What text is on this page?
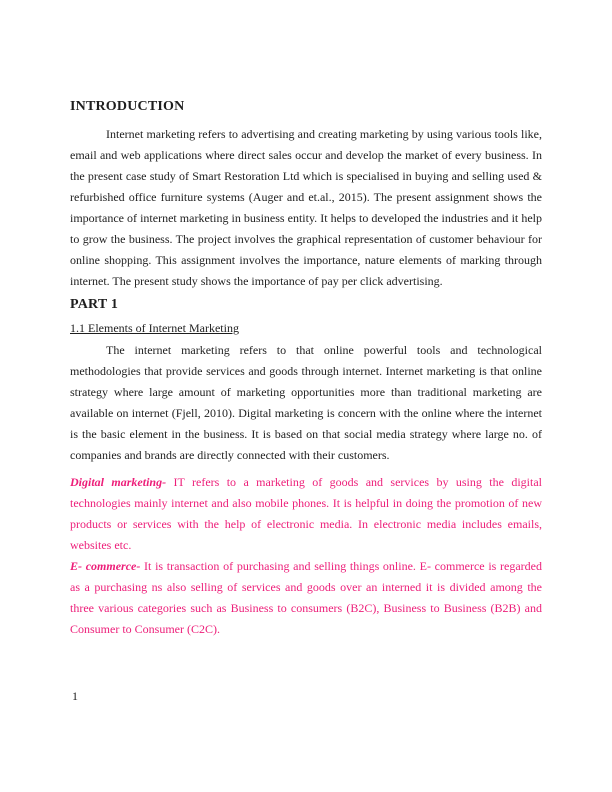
INTRODUCTION

Internet marketing refers to advertising and creating marketing by using various tools like, email and web applications where direct sales occur and develop the market of every business. In the present case study of Smart Restoration Ltd which is specialised in buying and selling used & refurbished office furniture systems (Auger and et.al., 2015). The present assignment shows the importance of internet marketing in business entity. It helps to developed the industries and it help to grow the business. The project involves the graphical representation of customer behaviour for online shopping. This assignment involves the importance, nature elements of marking through internet. The present study shows the importance of pay per click advertising.

PART 1
1.1 Elements of Internet Marketing

The internet marketing refers to that online powerful tools and technological methodologies that provide services and goods through internet. Internet marketing is that online strategy where large amount of marketing opportunities more than traditional marketing are available on internet (Fjell, 2010). Digital marketing is concern with the online where the internet is the basic element in the business. It is based on that social media strategy where large no. of companies and brands are directly connected with their customers.

Digital marketing- IT refers to a marketing of goods and services by using the digital technologies mainly internet and also mobile phones. It is helpful in doing the promotion of new products or services with the help of electronic media. In electronic media includes emails, websites etc.

E- commerce- It is transaction of purchasing and selling things online. E- commerce is regarded as a purchasing ns also selling of services and goods over an interned it is divided among the three various categories such as Business to consumers (B2C), Business to Business (B2B) and Consumer to Consumer (C2C).

1
